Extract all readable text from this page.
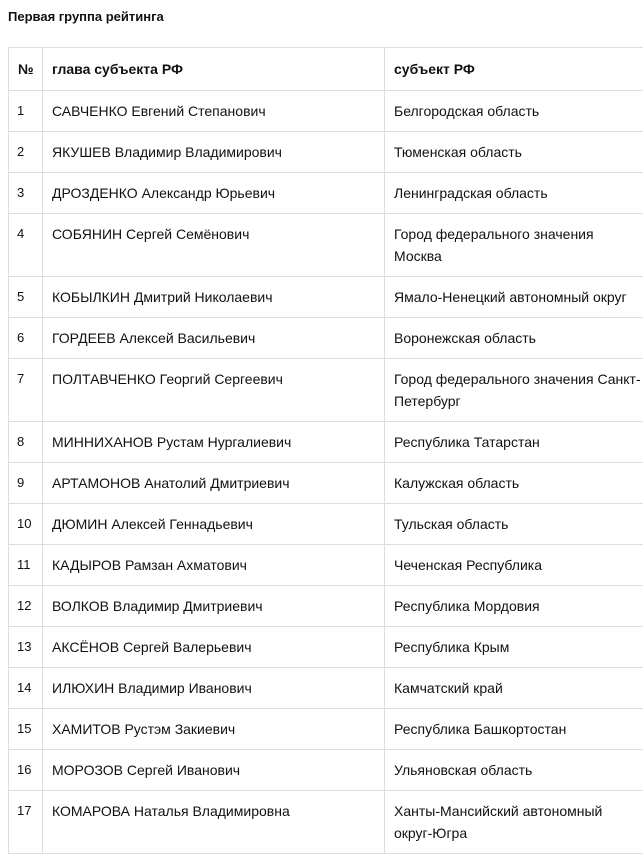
Первая группа рейтинга
№	глава субъекта РФ	субъект РФ
1	САВЧЕНКО Евгений Степанович	Белгородская область
2	ЯКУШЕВ Владимир Владимирович	Тюменская область
3	ДРОЗДЕНКО Александр Юрьевич	Ленинградская область
4	СОБЯНИН Сергей Семёнович	Город федерального значения Москва
5	КОБЫЛКИН Дмитрий Николаевич	Ямало-Ненецкий автономный округ
6	ГОРДЕЕВ Алексей Васильевич	Воронежская область
7	ПОЛТАВЧЕНКО Георгий Сергеевич	Город федерального значения Санкт-Петербург
8	МИННИХАНОВ Рустам Нургалиевич	Республика Татарстан
9	АРТАМОНОВ Анатолий Дмитриевич	Калужская область
10	ДЮМИН Алексей Геннадьевич	Тульская область
11	КАДЫРОВ Рамзан Ахматович	Чеченская Республика
12	ВОЛКОВ Владимир Дмитриевич	Республика Мордовия
13	АКСЁНОВ Сергей Валерьевич	Республика Крым
14	ИЛЮХИН Владимир Иванович	Камчатский край
15	ХАМИТОВ Рустэм Закиевич	Республика Башкортостан
16	МОРОЗОВ Сергей Иванович	Ульяновская область
17	КОМАРОВА Наталья Владимировна	Ханты-Мансийский автономный округ-Югра
